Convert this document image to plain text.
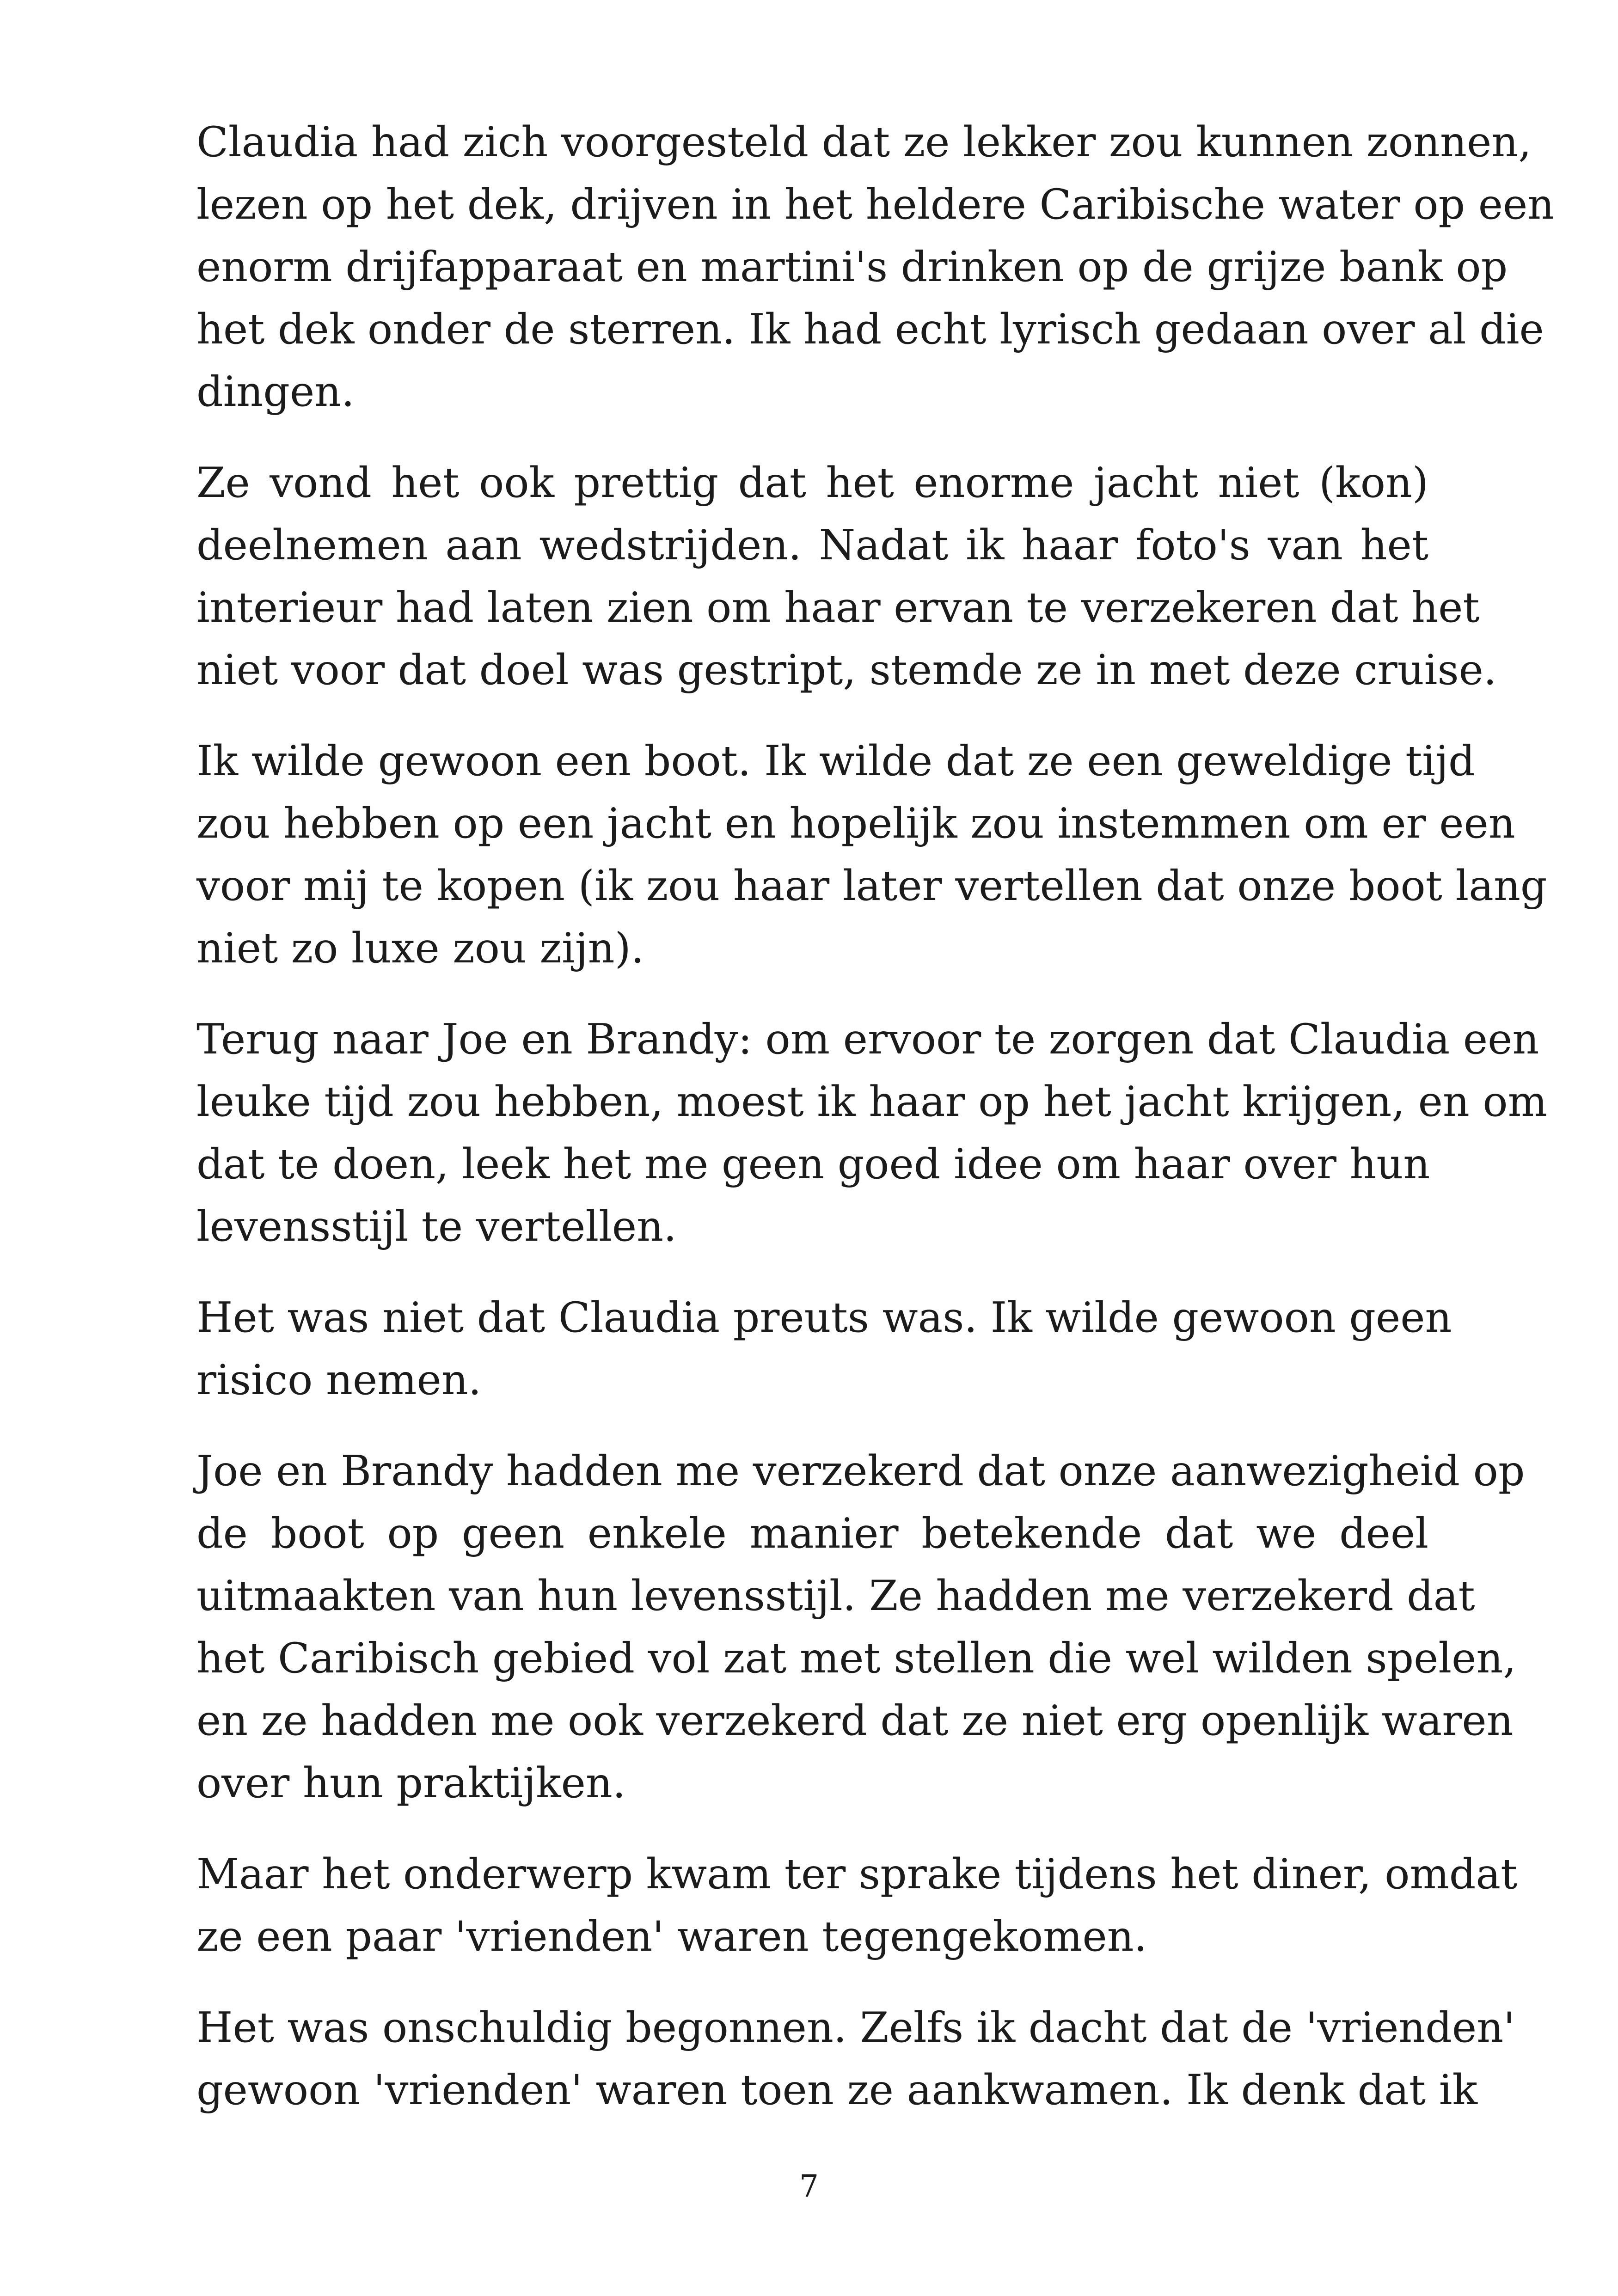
Claudia had zich voorgesteld dat ze lekker zou kunnen zonnen,
lezen op het dek, drijven in het heldere Caribische water op een
enorm drijfapparaat en martini's drinken op de grijze bank op
het dek onder de sterren. Ik had echt lyrisch gedaan over al die
dingen.

Ze vond het ook prettig dat het enorme jacht niet (kon)
deelnemen aan wedstrijden. Nadat ik haar foto's van het
interieur had laten zien om haar ervan te verzekeren dat het
niet voor dat doel was gestript, stemde ze in met deze cruise.

Ik wilde gewoon een boot. Ik wilde dat ze een geweldige tijd
zou hebben op een jacht en hopelijk zou instemmen om er een
voor mij te kopen (ik zou haar later vertellen dat onze boot lang
niet zo luxe zou zijn).

Terug naar Joe en Brandy: om ervoor te zorgen dat Claudia een
leuke tijd zou hebben, moest ik haar op het jacht krijgen, en om
dat te doen, leek het me geen goed idee om haar over hun
levensstijl te vertellen.

Het was niet dat Claudia preuts was. Ik wilde gewoon geen
risico nemen.

Joe en Brandy hadden me verzekerd dat onze aanwezigheid op
de boot op geen enkele manier betekende dat we deel
uitmaakten van hun levensstijl. Ze hadden me verzekerd dat
het Caribisch gebied vol zat met stellen die wel wilden spelen,
en ze hadden me ook verzekerd dat ze niet erg openlijk waren
over hun praktijken.

Maar het onderwerp kwam ter sprake tijdens het diner, omdat
ze een paar 'vrienden' waren tegengekomen.

Het was onschuldig begonnen. Zelfs ik dacht dat de 'vrienden'
gewoon 'vrienden' waren toen ze aankwamen. Ik denk dat ik

7
